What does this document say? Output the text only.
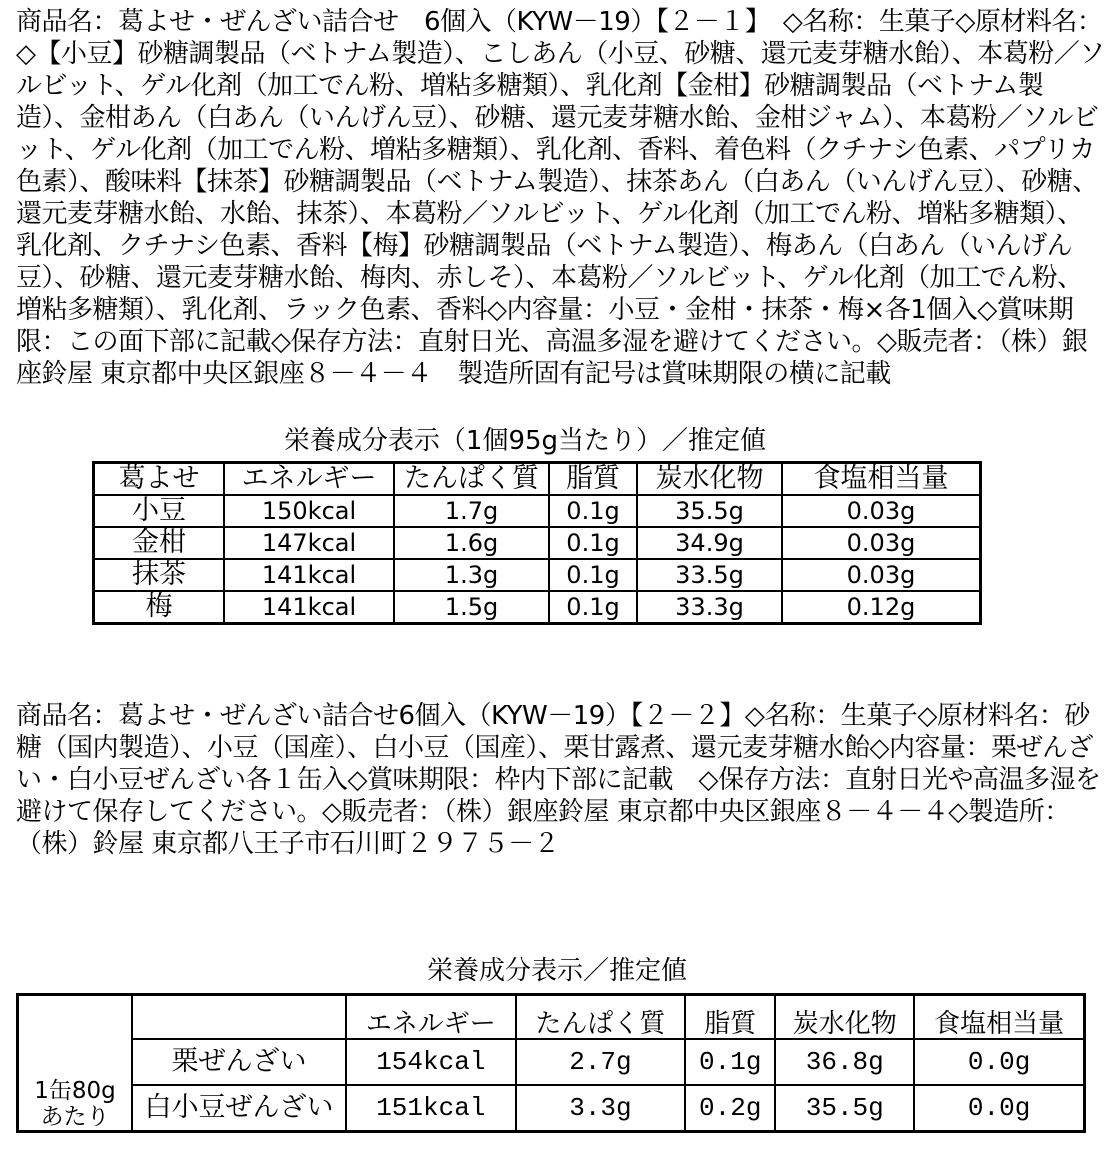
商品名：葛よせ・ぜんざい詰合せ　6個入（KYW－19）【２－１】　◇名称：生菓子◇原材料名：◇【小豆】砂糖調製品（ベトナム製造）、こしあん（小豆、砂糖、還元麦芽糖水飴）、本葛粉／ソルビット、ゲル化剤（加工でん粉、増粘多糖類）、乳化剤【金柑】砂糖調製品（ベトナム製造）、金柑あん（白あん（いんげん豆）、砂糖、還元麦芽糖水飴、金柑ジャム）、本葛粉／ソルビット、ゲル化剤（加工でん粉、増粘多糖類）、乳化剤、香料、着色料（クチナシ色素、パプリカ色素）、酸味料【抹茶】砂糖調製品（ベトナム製造）、抹茶あん（白あん（いんげん豆）、砂糖、還元麦芽糖水飴、水飴、抹茶）、本葛粉／ソルビット、ゲル化剤（加工でん粉、増粘多糖類）、乳化剤、クチナシ色素、香料【梅】砂糖調製品（ベトナム製造）、梅あん（白あん（いんげん豆）、砂糖、還元麦芽糖水飴、梅肉、赤しそ）、本葛粉／ソルビット、ゲル化剤（加工でん粉、増粘多糖類）、乳化剤、ラック色素、香料◇内容量：小豆・金柑・抹茶・梅×各1個入◇賞味期限：この面下部に記載◇保存方法：直射日光、高温多湿を避けてください。◇販売者：（株）銀座鈴屋 東京都中央区銀座８－４－４　製造所固有記号は賞味期限の横に記載

栄養成分表示（1個95g当たり）／推定値
葛よせ	エネルギー	たんぱく質	脂質	炭水化物	食塩相当量
小豆	150kcal	1.7g	0.1g	35.5g	0.03g
金柑	147kcal	1.6g	0.1g	34.9g	0.03g
抹茶	141kcal	1.3g	0.1g	33.5g	0.03g
梅	141kcal	1.5g	0.1g	33.3g	0.12g

商品名：葛よせ・ぜんざい詰合せ6個入（KYW－19）【２－２】◇名称：生菓子◇原材料名：砂糖（国内製造）、小豆（国産）、白小豆（国産）、栗甘露煮、還元麦芽糖水飴◇内容量：栗ぜんざい・白小豆ぜんざい各１缶入◇賞味期限：枠内下部に記載　◇保存方法：直射日光や高温多湿を避けて保存してください。◇販売者：（株）銀座鈴屋 東京都中央区銀座８－４－４◇製造所：（株）鈴屋 東京都八王子市石川町２９７５－２

栄養成分表示／推定値
1缶80g
あたり		エネルギー	たんぱく質	脂質	炭水化物	食塩相当量
	栗ぜんざい	154kcal	2.7g	0.1g	36.8g	0.0g
	白小豆ぜんざい	151kcal	3.3g	0.2g	35.5g	0.0g
